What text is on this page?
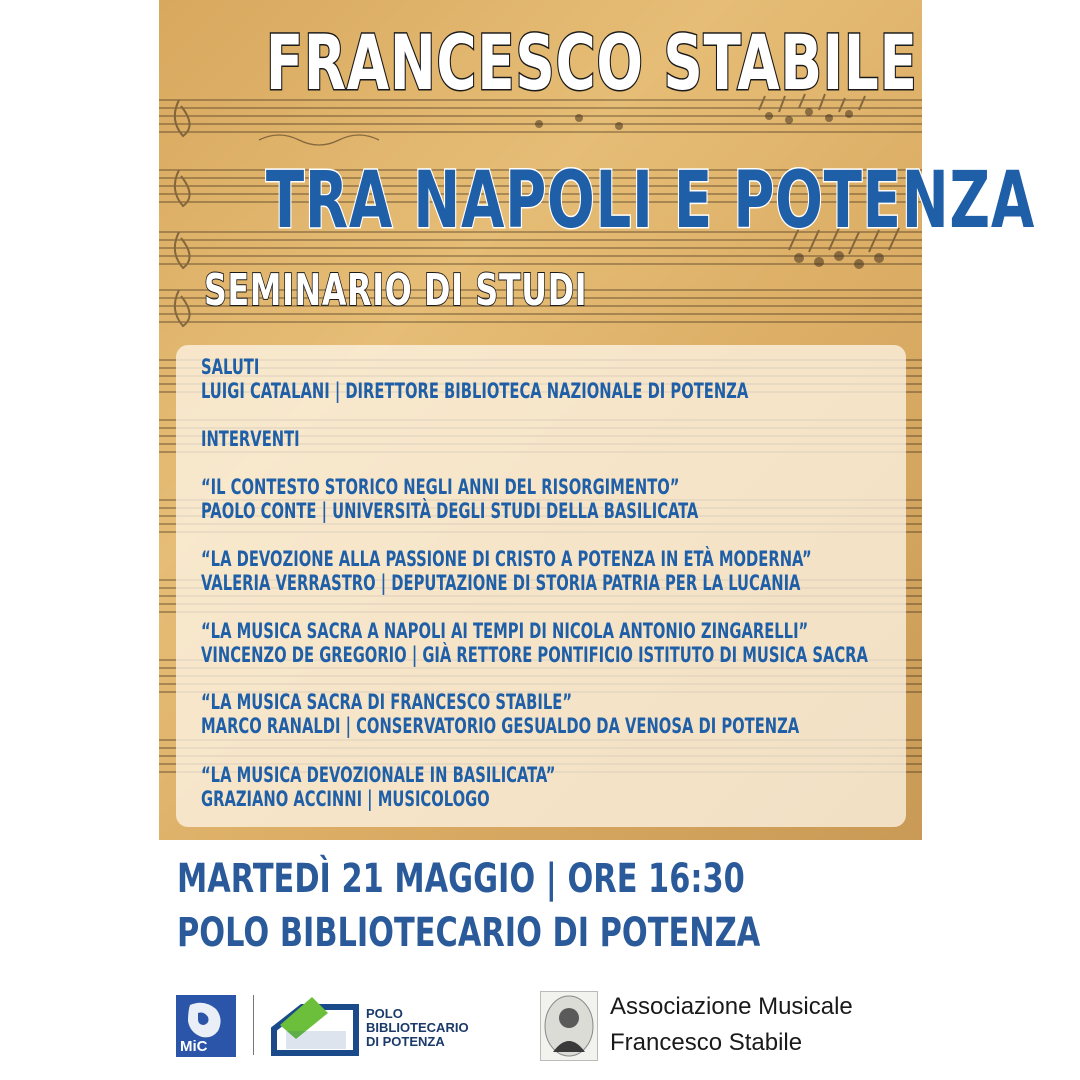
FRANCESCO STABILE
TRA NAPOLI E POTENZA
SEMINARIO DI STUDI
SALUTI
LUIGI CATALANI | DIRETTORE BIBLIOTECA NAZIONALE DI POTENZA
INTERVENTI
“IL CONTESTO STORICO NEGLI ANNI DEL RISORGIMENTO”
PAOLO CONTE | UNIVERSITÀ DEGLI STUDI DELLA BASILICATA
“LA DEVOZIONE ALLA PASSIONE DI CRISTO A POTENZA IN ETÀ MODERNA”
VALERIA VERRASTRO | DEPUTAZIONE DI STORIA PATRIA PER LA LUCANIA
“LA MUSICA SACRA A NAPOLI AI TEMPI DI NICOLA ANTONIO ZINGARELLI”
VINCENZO DE GREGORIO | GIÀ RETTORE PONTIFICIO ISTITUTO DI MUSICA SACRA
“LA MUSICA SACRA DI FRANCESCO STABILE”
MARCO RANALDI | CONSERVATORIO GESUALDO DA VENOSA DI POTENZA
“LA MUSICA DEVOZIONALE IN BASILICATA”
GRAZIANO ACCINNI | MUSICOLOGO
MARTEDÌ 21 MAGGIO | ORE 16:30
POLO BIBLIOTECARIO DI POTENZA
MiC
POLO
BIBLIOTECARIO
DI POTENZA
Associazione Musicale
Francesco Stabile
